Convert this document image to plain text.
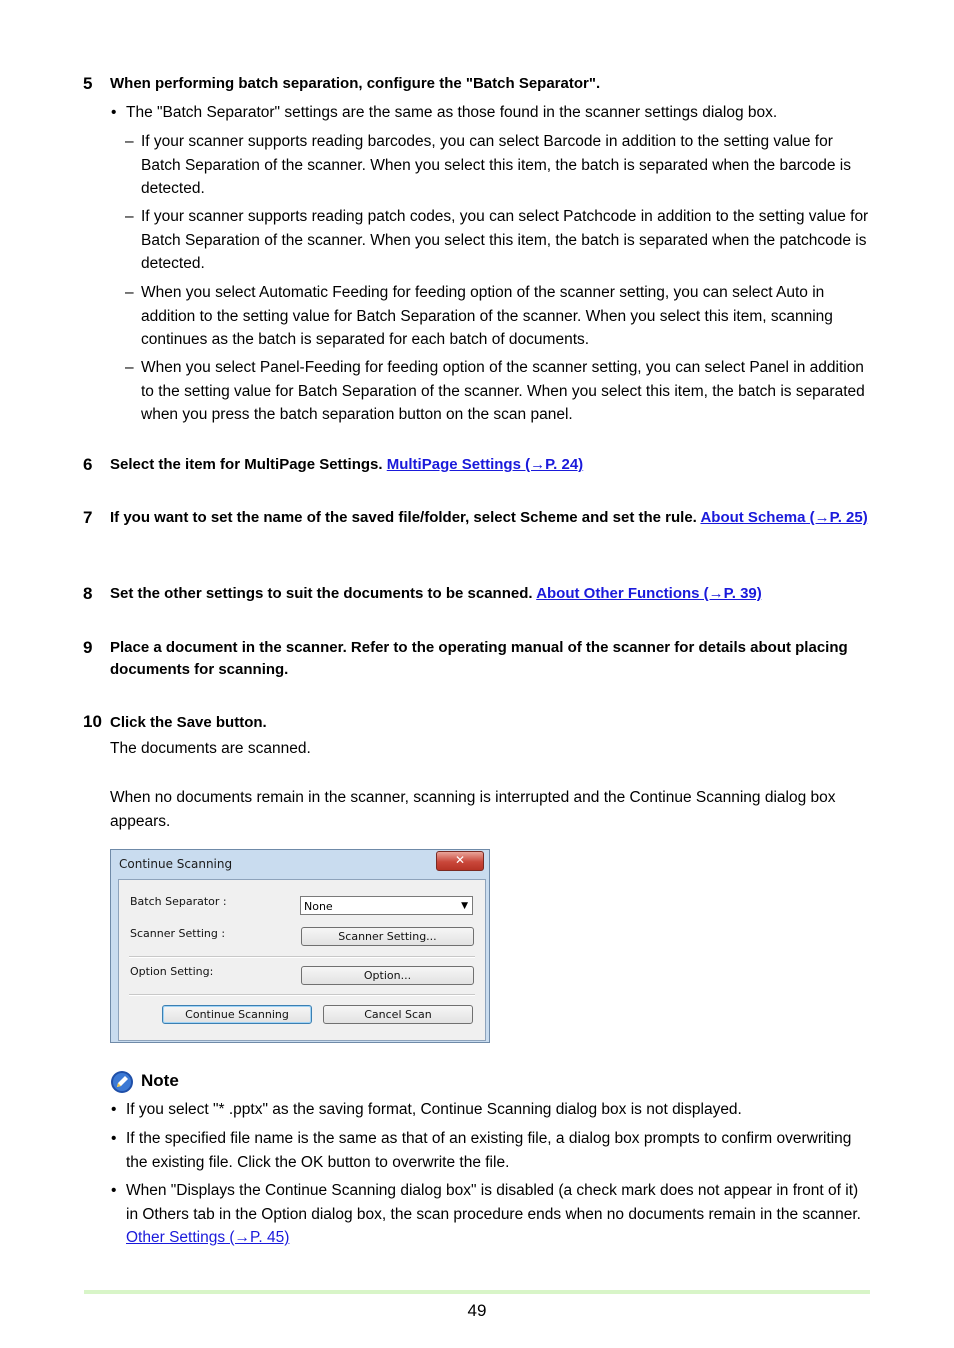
5 When performing batch separation, configure the "Batch Separator".
• The "Batch Separator" settings are the same as those found in the scanner settings dialog box.
– If your scanner supports reading barcodes, you can select Barcode in addition to the setting value for Batch Separation of the scanner. When you select this item, the batch is separated when the barcode is detected.
– If your scanner supports reading patch codes, you can select Patchcode in addition to the setting value for Batch Separation of the scanner. When you select this item, the batch is separated when the patchcode is detected.
– When you select Automatic Feeding for feeding option of the scanner setting, you can select Auto in addition to the setting value for Batch Separation of the scanner. When you select this item, scanning continues as the batch is separated for each batch of documents.
– When you select Panel-Feeding for feeding option of the scanner setting, you can select Panel in addition to the setting value for Batch Separation of the scanner. When you select this item, the batch is separated when you press the batch separation button on the scan panel.
6 Select the item for MultiPage Settings. MultiPage Settings (→P. 24)
7 If you want to set the name of the saved file/folder, select Scheme and set the rule. About Schema (→P. 25)
8 Set the other settings to suit the documents to be scanned. About Other Functions (→P. 39)
9 Place a document in the scanner. Refer to the operating manual of the scanner for details about placing documents for scanning.
10 Click the Save button.
The documents are scanned.
When no documents remain in the scanner, scanning is interrupted and the Continue Scanning dialog box appears.
Continue Scanning	✕
Batch Separator :	None	▼
Scanner Setting :	Scanner Setting...
Option Setting:	Option...
Continue Scanning	Cancel Scan
Note
• If you select "* .pptx" as the saving format, Continue Scanning dialog box is not displayed.
• If the specified file name is the same as that of an existing file, a dialog box prompts to confirm overwriting the existing file. Click the OK button to overwrite the file.
• When "Displays the Continue Scanning dialog box" is disabled (a check mark does not appear in front of it) in Others tab in the Option dialog box, the scan procedure ends when no documents remain in the scanner. Other Settings (→P. 45)
49
